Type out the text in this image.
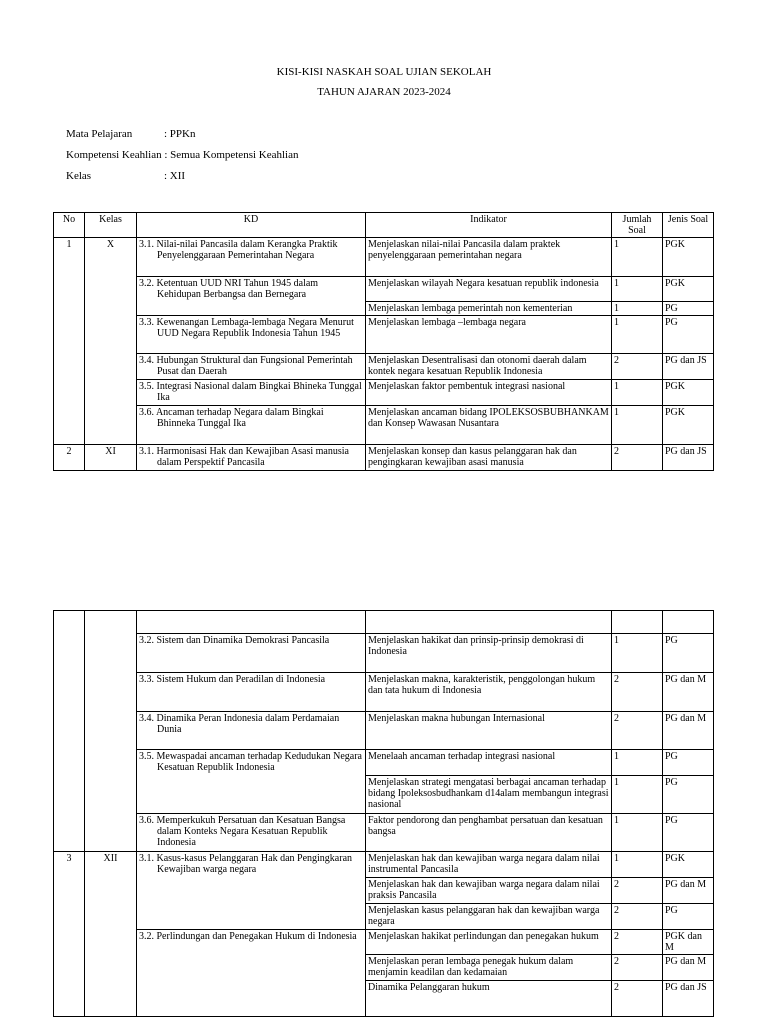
KISI-KISI NASKAH SOAL UJIAN SEKOLAH
TAHUN AJARAN 2023-2024
Mata Pelajaran	: PPKn
Kompetensi Keahlian : Semua Kompetensi Keahlian
Kelas	: XII
No	Kelas	KD	Indikator	Jumlah Soal	Jenis Soal
1	X	3.1. Nilai-nilai Pancasila dalam Kerangka Praktik Penyelenggaraan Pemerintahan Negara	Menjelaskan nilai-nilai Pancasila dalam praktek penyelenggaraan pemerintahan negara	1	PGK
		3.2. Ketentuan UUD NRI Tahun 1945 dalam Kehidupan Berbangsa dan Bernegara	Menjelaskan wilayah Negara kesatuan republik indonesia	1	PGK
			Menjelaskan lembaga pemerintah non kementerian	1	PG
		3.3. Kewenangan Lembaga-lembaga Negara Menurut UUD Negara Republik Indonesia Tahun 1945	Menjelaskan lembaga –lembaga negara	1	PG
		3.4. Hubungan Struktural dan Fungsional Pemerintah Pusat dan Daerah	Menjelaskan Desentralisasi dan otonomi daerah dalam kontek negara kesatuan Republik Indonesia	2	PG dan JS
		3.5. Integrasi Nasional dalam Bingkai Bhineka Tunggal Ika	Menjelaskan faktor pembentuk integrasi nasional	1	PGK
		3.6. Ancaman terhadap Negara dalam Bingkai Bhinneka Tunggal Ika	Menjelaskan ancaman bidang IPOLEKSOSBUBHANKAM dan Konsep Wawasan Nusantara	1	PGK
2	XI	3.1. Harmonisasi Hak dan Kewajiban Asasi manusia dalam Perspektif Pancasila	Menjelaskan konsep dan kasus pelanggaran hak dan pengingkaran kewajiban asasi manusia	2	PG dan JS

		3.2. Sistem dan Dinamika Demokrasi Pancasila	Menjelaskan hakikat dan prinsip-prinsip demokrasi di Indonesia	1	PG
		3.3. Sistem Hukum dan Peradilan di Indonesia	Menjelaskan makna, karakteristik, penggolongan hukum dan tata hukum di Indonesia	2	PG dan M
		3.4. Dinamika Peran Indonesia dalam Perdamaian Dunia	Menjelaskan makna hubungan Internasional	2	PG dan M
		3.5. Mewaspadai ancaman terhadap Kedudukan Negara Kesatuan Republik Indonesia	Menelaah ancaman terhadap integrasi nasional	1	PG
			Menjelaskan strategi mengatasi berbagai ancaman terhadap bidang Ipoleksosbudhankam d14alam membangun integrasi nasional	1	PG
		3.6. Memperkukuh Persatuan dan Kesatuan Bangsa dalam Konteks Negara Kesatuan Republik Indonesia	Faktor pendorong dan penghambat persatuan dan kesatuan bangsa	1	PG
3	XII	3.1. Kasus-kasus Pelanggaran Hak dan Pengingkaran Kewajiban warga negara	Menjelaskan hak dan kewajiban warga negara dalam nilai instrumental Pancasila	1	PGK
			Menjelaskan hak dan kewajiban warga negara dalam nilai praksis Pancasila	2	PG dan M
			Menjelaskan kasus pelanggaran hak dan kewajiban warga negara	2	PG
		3.2. Perlindungan dan Penegakan Hukum di Indonesia	Menjelaskan hakikat perlindungan dan penegakan hukum	2	PGK dan M
			Menjelaskan peran lembaga penegak hukum dalam menjamin keadilan dan kedamaian	2	PG dan M
			Dinamika Pelanggaran hukum	2	PG dan JS
